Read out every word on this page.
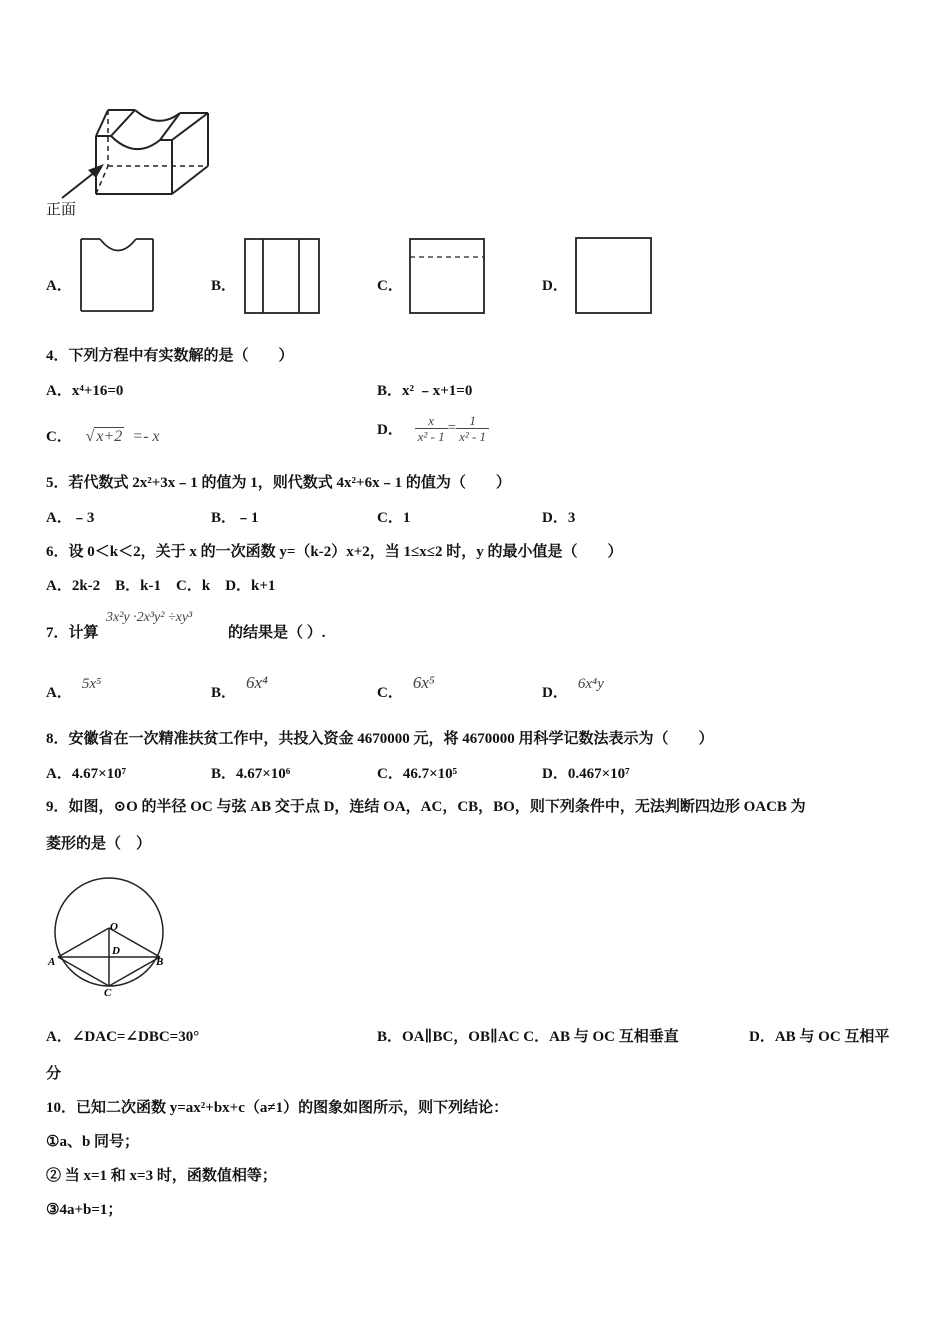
正面
A．	B．	C．	D．
4．下列方程中有实数解的是（　　）
A．x⁴+16=0	B．x² ﹣x+1=0
C． √ x+2 =- x	D． $\frac{x}{\text{x² - 1}} = \frac{1}{\text{x² - 1}}$
5．若代数式 2x²+3x﹣1 的值为 1，则代数式 4x²+6x﹣1 的值为（　　）
A．﹣3	B．﹣1	C．1	D．3
6．设 0＜k＜2，关于 x 的一次函数 y=（k-2）x+2，当 1≤x≤2 时，y 的最小值是（　　）
A．2k-2　B．k-1　C．k　D．k+1
7．计算
3x²y ·2x³y² ÷xy³
的结果是（ ）.
A．5x⁵
B．6x⁴
C．6x⁵
D．6x⁴y
8．安徽省在一次精准扶贫工作中，共投入资金 4670000 元，将 4670000 用科学记数法表示为（　　）
A．4.67×10⁷	B．4.67×10⁶	C．46.7×10⁵	D．0.467×10⁷
9．如图，⊙O 的半径 OC 与弦 AB 交于点 D，连结 OA，AC，CB，BO，则下列条件中，无法判断四边形 OACB 为
菱形的是（　）
O
D
A	B
C
A．∠DAC=∠DBC=30°	B．OA∥BC，OB∥AC C．AB 与 OC 互相垂直	D．AB 与 OC 互相平
分
10．已知二次函数 y=ax²+bx+c（a≠1）的图象如图所示，则下列结论：
①a、b 同号；
② 当 x=1 和 x=3 时，函数值相等；
③4a+b=1；
